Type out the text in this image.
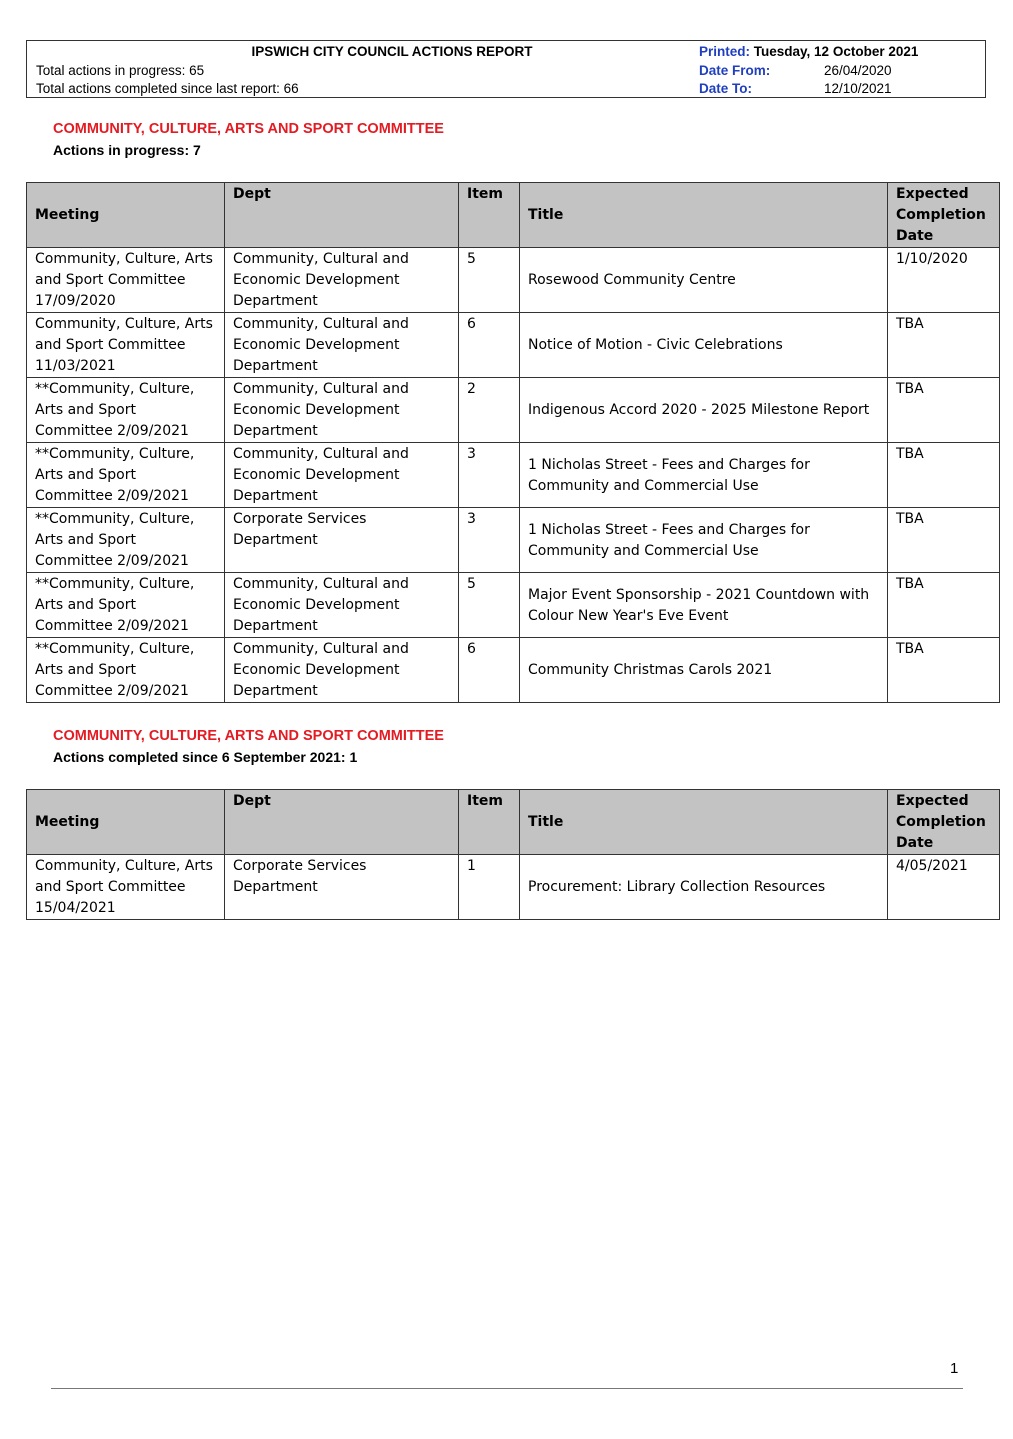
IPSWICH CITY COUNCIL ACTIONS REPORT
Total actions in progress: 65
Total actions completed since last report: 66
Printed: Tuesday, 12 October 2021
Date From:	26/04/2020
Date To:	12/10/2021
COMMUNITY, CULTURE, ARTS AND SPORT COMMITTEE
Actions in progress: 7
Meeting	Dept	Item	Title	Expected Completion Date
Community, Culture, Arts and Sport Committee 17/09/2020	Community, Cultural and Economic Development Department	5	Rosewood Community Centre	1/10/2020
Community, Culture, Arts and Sport Committee 11/03/2021	Community, Cultural and Economic Development Department	6	Notice of Motion - Civic Celebrations	TBA
**Community, Culture, Arts and Sport Committee 2/09/2021	Community, Cultural and Economic Development Department	2	Indigenous Accord 2020 - 2025 Milestone Report	TBA
**Community, Culture, Arts and Sport Committee 2/09/2021	Community, Cultural and Economic Development Department	3	1 Nicholas Street - Fees and Charges for Community and Commercial Use	TBA
**Community, Culture, Arts and Sport Committee 2/09/2021	Corporate Services Department	3	1 Nicholas Street - Fees and Charges for Community and Commercial Use	TBA
**Community, Culture, Arts and Sport Committee 2/09/2021	Community, Cultural and Economic Development Department	5	Major Event Sponsorship - 2021 Countdown with Colour New Year's Eve Event	TBA
**Community, Culture, Arts and Sport Committee 2/09/2021	Community, Cultural and Economic Development Department	6	Community Christmas Carols 2021	TBA
COMMUNITY, CULTURE, ARTS AND SPORT COMMITTEE
Actions completed since 6 September 2021: 1
Meeting	Dept	Item	Title	Expected Completion Date
Community, Culture, Arts and Sport Committee 15/04/2021	Corporate Services Department	1	Procurement: Library Collection Resources	4/05/2021
1
